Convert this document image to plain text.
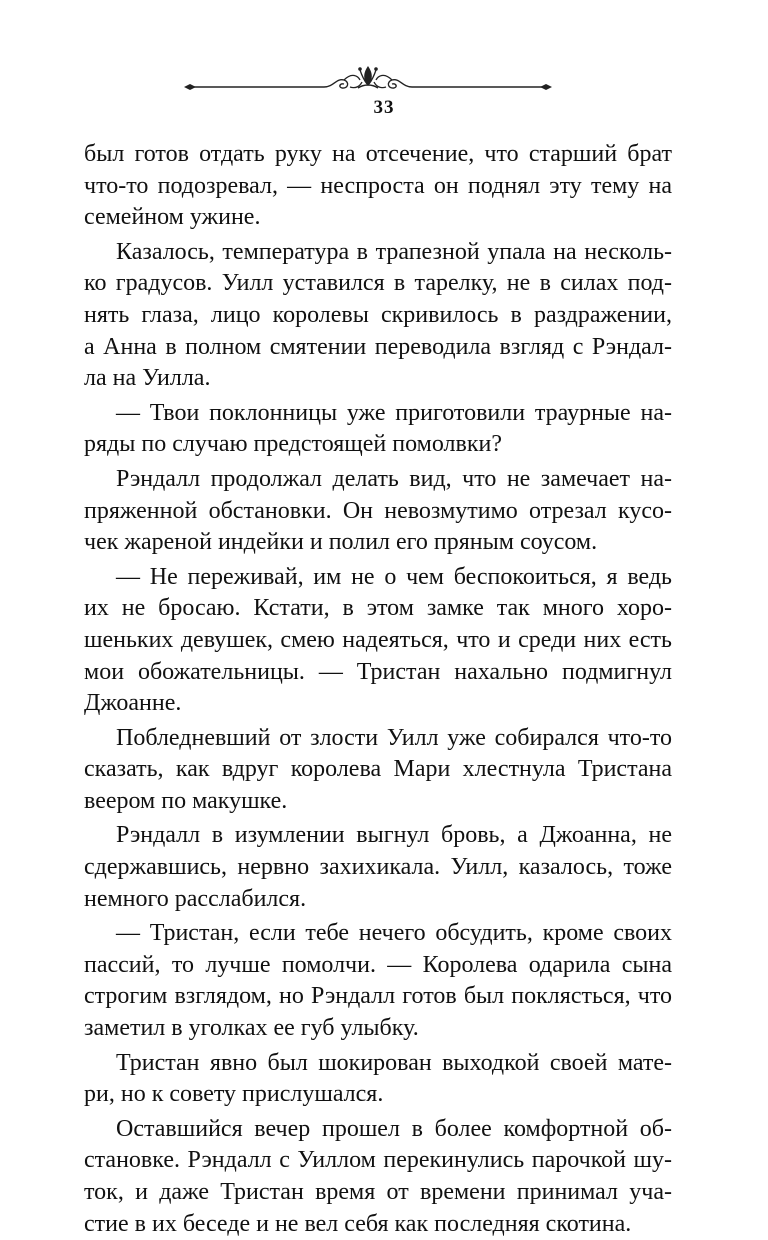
33
был готов отдать руку на отсечение, что старший брат
что-то подозревал, — неспроста он поднял эту тему на
семейном ужине.
Казалось, температура в трапезной упала на несколь-
ко градусов. Уилл уставился в тарелку, не в силах под-
нять глаза, лицо королевы скривилось в раздражении,
а Анна в полном смятении переводила взгляд с Рэндал-
ла на Уилла.
— Твои поклонницы уже приготовили траурные на-
ряды по случаю предстоящей помолвки?
Рэндалл продолжал делать вид, что не замечает на-
пряженной обстановки. Он невозмутимо отрезал кусо-
чек жареной индейки и полил его пряным соусом.
— Не переживай, им не о чем беспокоиться, я ведь
их не бросаю. Кстати, в этом замке так много хоро-
шеньких девушек, смею надеяться, что и среди них есть
мои обожательницы. — Тристан нахально подмигнул
Джоанне.
Побледневший от злости Уилл уже собирался что-то
сказать, как вдруг королева Мари хлестнула Тристана
веером по макушке.
Рэндалл в изумлении выгнул бровь, а Джоанна, не
сдержавшись, нервно захихикала. Уилл, казалось, тоже
немного расслабился.
— Тристан, если тебе нечего обсудить, кроме своих
пассий, то лучше помолчи. — Королева одарила сына
строгим взглядом, но Рэндалл готов был поклясться, что
заметил в уголках ее губ улыбку.
Тристан явно был шокирован выходкой своей мате-
ри, но к совету прислушался.
Оставшийся вечер прошел в более комфортной об-
становке. Рэндалл с Уиллом перекинулись парочкой шу-
ток, и даже Тристан время от времени принимал уча-
стие в их беседе и не вел себя как последняя скотина.
